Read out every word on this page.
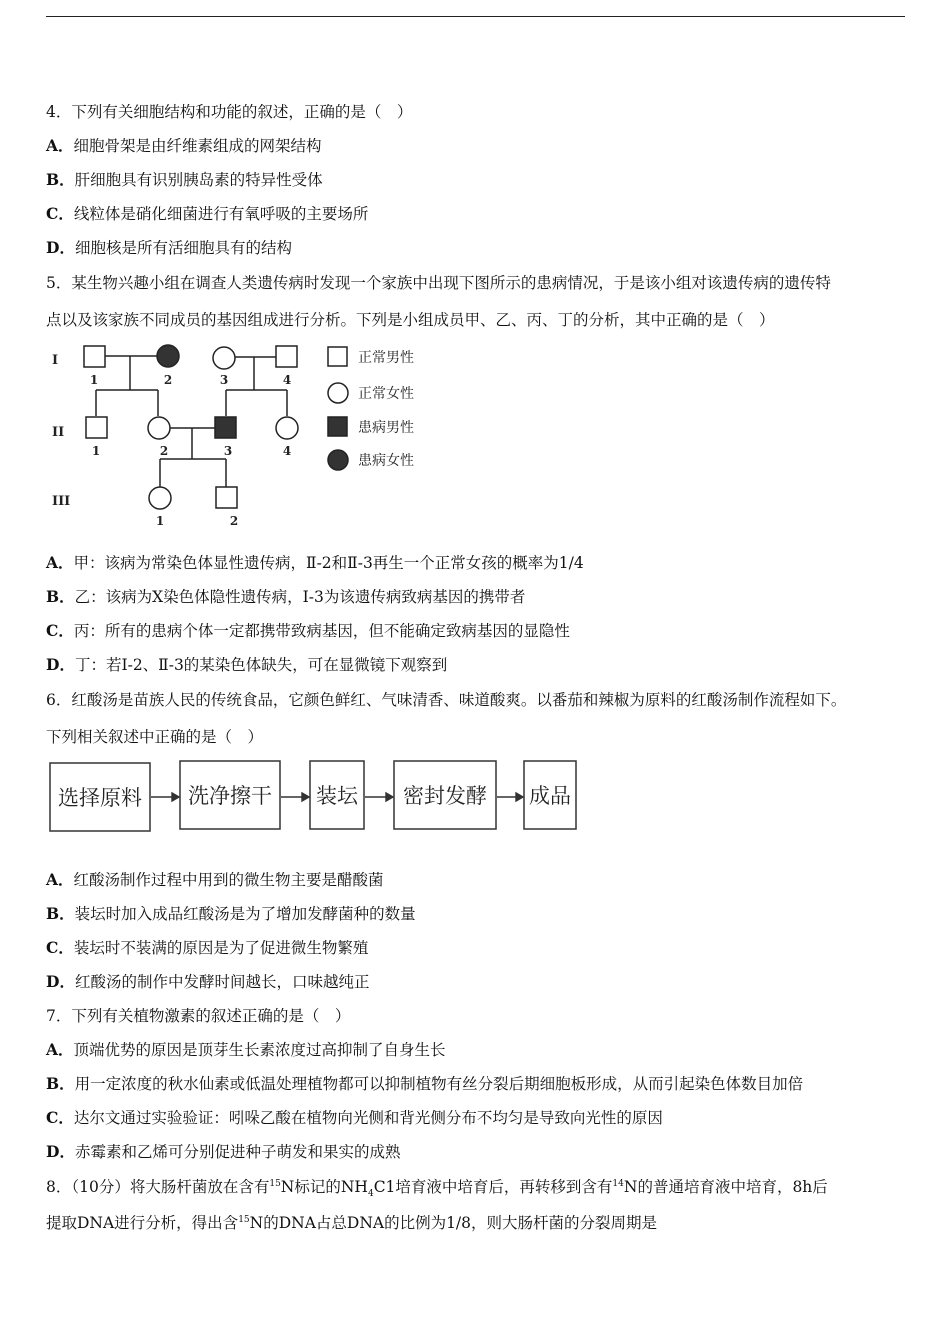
4．下列有关细胞结构和功能的叙述，正确的是（　）
A．细胞骨架是由纤维素组成的网架结构
B．肝细胞具有识别胰岛素的特异性受体
C．线粒体是硝化细菌进行有氧呼吸的主要场所
D．细胞核是所有活细胞具有的结构
5．某生物兴趣小组在调查人类遗传病时发现一个家族中出现下图所示的患病情况，于是该小组对该遗传病的遗传特
点以及该家族不同成员的基因组成进行分析。下列是小组成员甲、乙、丙、丁的分析，其中正确的是（　）
I
II
III
1	2	3	4
1	2	3	4
1	2
正常男性
正常女性
患病男性
患病女性
A．甲：该病为常染色体显性遗传病，Ⅱ-2和Ⅱ-3再生一个正常女孩的概率为1/4
B．乙：该病为X染色体隐性遗传病，Ⅰ-3为该遗传病致病基因的携带者
C．丙：所有的患病个体一定都携带致病基因，但不能确定致病基因的显隐性
D．丁：若Ⅰ-2、Ⅱ-3的某染色体缺失，可在显微镜下观察到
6．红酸汤是苗族人民的传统食品，它颜色鲜红、气味清香、味道酸爽。以番茄和辣椒为原料的红酸汤制作流程如下。
下列相关叙述中正确的是（　）
选择原料 洗净擦干 装坛 密封发酵 成品
A．红酸汤制作过程中用到的微生物主要是醋酸菌
B．装坛时加入成品红酸汤是为了增加发酵菌种的数量
C．装坛时不装满的原因是为了促进微生物繁殖
D．红酸汤的制作中发酵时间越长，口味越纯正
7．下列有关植物激素的叙述正确的是（　）
A．顶端优势的原因是顶芽生长素浓度过高抑制了自身生长
B．用一定浓度的秋水仙素或低温处理植物都可以抑制植物有丝分裂后期细胞板形成，从而引起染色体数目加倍
C．达尔文通过实验验证：吲哚乙酸在植物向光侧和背光侧分布不均匀是导致向光性的原因
D．赤霉素和乙烯可分别促进种子萌发和果实的成熟
8．（10分）将大肠杆菌放在含有$^{15}$N标记的$NH_4C1$培育液中培育后，再转移到含有$^{14}$N的普通培育液中培育，8h后
提取DNA进行分析，得出含$^{15}$N的DNA占总DNA的比例为1/8，则大肠杆菌的分裂周期是
